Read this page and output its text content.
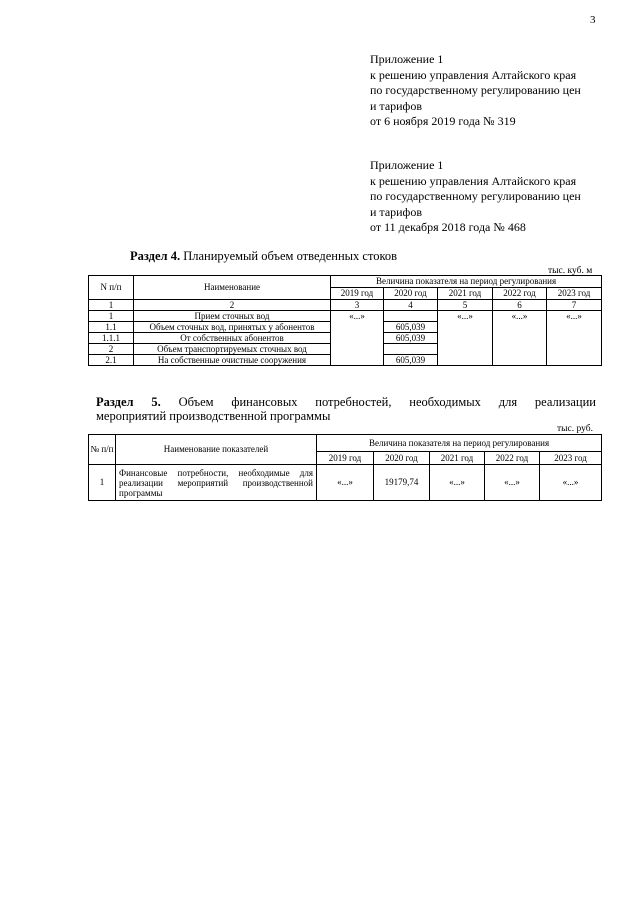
3
Приложение 1
к решению управления Алтайского края
по государственному регулированию цен
и тарифов
от 6 ноября 2019 года № 319
Приложение 1
к решению управления Алтайского края
по государственному регулированию цен
и тарифов
от 11 декабря 2018 года № 468
Раздел 4. Планируемый объем отведенных стоков
тыс. куб. м
N п/п	Наименование	Величина показателя на период регулирования				
		2019 год	2020 год	2021 год	2022 год	2023 год
1	2	3	4	5	6	7
1	Прием сточных вод	«...»		«...»	«...»	«...»
1.1	Объем сточных вод, принятых у абонентов		605,039			
1.1.1	От собственных абонентов		605,039			
2	Объем транспортируемых сточных вод					
2.1	На собственные очистные сооружения		605,039			
Раздел 5. Объем финансовых потребностей, необходимых для реализации
мероприятий производственной программы
тыс. руб.
№ п/п	Наименование показателей	Величина показателя на период регулирования				
		2019 год	2020 год	2021 год	2022 год	2023 год
1	Финансовые потребности, необходимые для реализации мероприятий производственной программы	«...»	19179,74	«...»	«...»	«...»
